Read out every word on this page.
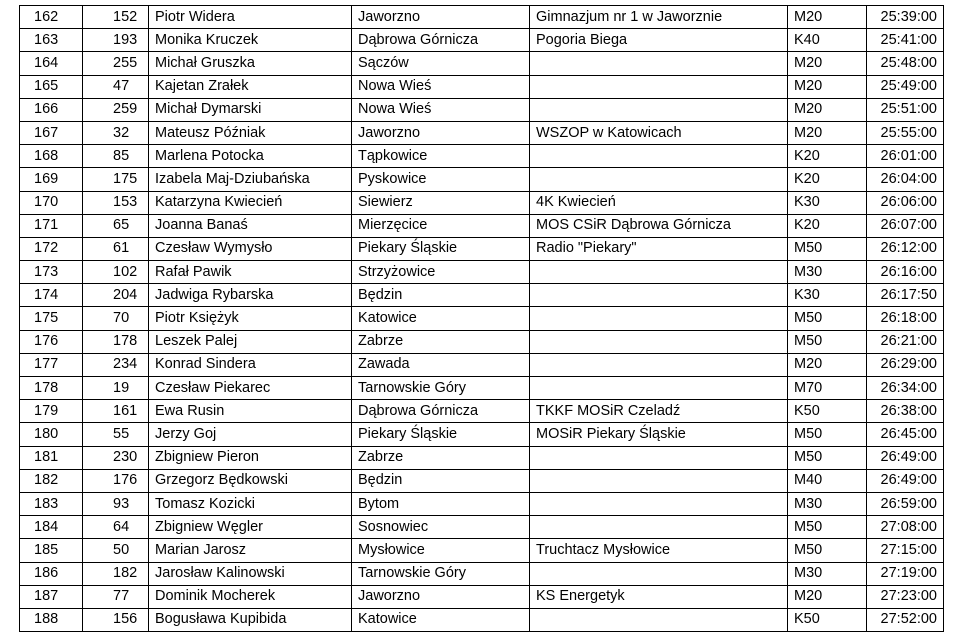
162	152	Piotr Widera	Jaworzno	Gimnazjum nr 1 w Jaworznie	M20	25:39:00
163	193	Monika Kruczek	Dąbrowa Górnicza	Pogoria Biega	K40	25:41:00
164	255	Michał Gruszka	Sączów		M20	25:48:00
165	47	Kajetan Zrałek	Nowa Wieś		M20	25:49:00
166	259	Michał Dymarski	Nowa Wieś		M20	25:51:00
167	32	Mateusz Późniak	Jaworzno	WSZOP w Katowicach	M20	25:55:00
168	85	Marlena Potocka	Tąpkowice		K20	26:01:00
169	175	Izabela Maj-Dziubańska	Pyskowice		K20	26:04:00
170	153	Katarzyna Kwiecień	Siewierz	4K Kwiecień	K30	26:06:00
171	65	Joanna Banaś	Mierzęcice	MOS CSiR Dąbrowa Górnicza	K20	26:07:00
172	61	Czesław Wymysło	Piekary Śląskie	Radio "Piekary"	M50	26:12:00
173	102	Rafał Pawik	Strzyżowice		M30	26:16:00
174	204	Jadwiga Rybarska	Będzin		K30	26:17:50
175	70	Piotr Księżyk	Katowice		M50	26:18:00
176	178	Leszek Palej	Zabrze		M50	26:21:00
177	234	Konrad Sindera	Zawada		M20	26:29:00
178	19	Czesław Piekarec	Tarnowskie Góry		M70	26:34:00
179	161	Ewa Rusin	Dąbrowa Górnicza	TKKF MOSiR Czeladź	K50	26:38:00
180	55	Jerzy Goj	Piekary Śląskie	MOSiR Piekary Śląskie	M50	26:45:00
181	230	Zbigniew Pieron	Zabrze		M50	26:49:00
182	176	Grzegorz Będkowski	Będzin		M40	26:49:00
183	93	Tomasz Kozicki	Bytom		M30	26:59:00
184	64	Zbigniew Węgler	Sosnowiec		M50	27:08:00
185	50	Marian Jarosz	Mysłowice	Truchtacz Mysłowice	M50	27:15:00
186	182	Jarosław Kalinowski	Tarnowskie Góry		M30	27:19:00
187	77	Dominik Mocherek	Jaworzno	KS Energetyk	M20	27:23:00
188	156	Bogusława Kupibida	Katowice		K50	27:52:00
